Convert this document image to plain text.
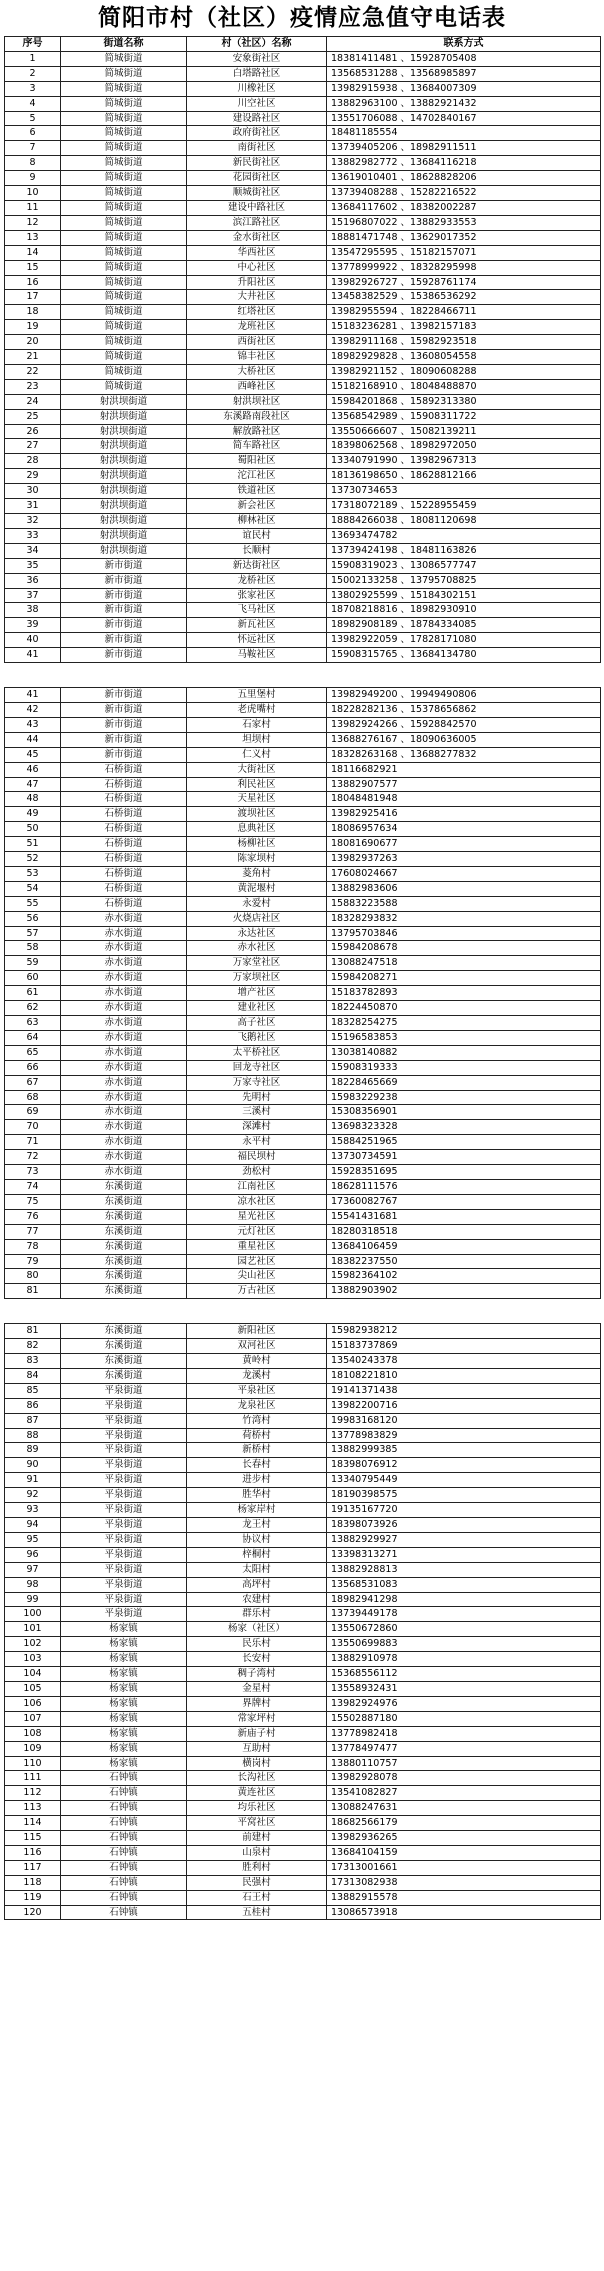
简阳市村（社区）疫情应急值守电话表
序号	街道名称	村（社区）名称	联系方式
1	简城街道	安象街社区	18381411481 、15928705408
2	简城街道	白塔路社区	13568531288 、13568985897
3	简城街道	川橡社区	13982915938 、13684007309
4	简城街道	川空社区	13882963100 、13882921432
5	简城街道	建设路社区	13551706088 、14702840167
6	简城街道	政府街社区	18481185554
7	简城街道	南街社区	13739405206 、18982911511
8	简城街道	新民街社区	13882982772 、13684116218
9	简城街道	花园街社区	13619010401 、18628828206
10	简城街道	顺城街社区	13739408288 、15282216522
11	简城街道	建设中路社区	13684117602 、18382002287
12	简城街道	滨江路社区	15196807022 、13882933553
13	简城街道	金水街社区	18881471748 、13629017352
14	简城街道	华西社区	13547295595 、15182157071
15	简城街道	中心社区	13778999922 、18328295998
16	简城街道	升阳社区	13982926727 、15928761174
17	简城街道	大井社区	13458382529 、15386536292
18	简城街道	红塔社区	13982955594 、18228466711
19	简城街道	龙班社区	15183236281 、13982157183
20	简城街道	西街社区	13982911168 、15982923518
21	简城街道	锦丰社区	18982929828 、13608054558
22	简城街道	大桥社区	13982921152 、18090608288
23	简城街道	西峰社区	15182168910 、18048488870
24	射洪坝街道	射洪坝社区	15984201868 、15892313380
25	射洪坝街道	东溪路南段社区	13568542989 、15908311722
26	射洪坝街道	解放路社区	13550666607 、15082139211
27	射洪坝街道	简车路社区	18398062568 、18982972050
28	射洪坝街道	蜀阳社区	13340791990 、13982967313
29	射洪坝街道	沱江社区	18136198650 、18628812166
30	射洪坝街道	铁道社区	13730734653
31	射洪坝街道	新会社区	17318072189 、15228955459
32	射洪坝街道	柳林社区	18884266038 、18081120698
33	射洪坝街道	谊民村	13693474782
34	射洪坝街道	长顺村	13739424198 、18481163826
35	新市街道	新达街社区	15908319023 、13086577747
36	新市街道	龙桥社区	15002133258 、13795708825
37	新市街道	张家社区	13802925599 、15184302151
38	新市街道	飞马社区	18708218816 、18982930910
39	新市街道	新瓦社区	18982908189 、18784334085
40	新市街道	怀远社区	13982922059 、17828171080
41	新市街道	马鞍社区	15908315765 、13684134780

41	新市街道	五里堡村	13982949200 、19949490806
42	新市街道	老虎嘴村	18228282136 、15378656862
43	新市街道	石家村	13982924266 、15928842570
44	新市街道	坦坝村	13688276167 、18090636005
45	新市街道	仁义村	18328263168 、13688277832
46	石桥街道	大街社区	18116682921
47	石桥街道	利民社区	13882907577
48	石桥街道	天星社区	18048481948
49	石桥街道	渡坝社区	13982925416
50	石桥街道	息典社区	18086957634
51	石桥街道	杨柳社区	18081690677
52	石桥街道	陈家坝村	13982937263
53	石桥街道	菱角村	17608024667
54	石桥街道	黄泥堰村	13882983606
55	石桥街道	永爱村	15883223588
56	赤水街道	火烧店社区	18328293832
57	赤水街道	永达社区	13795703846
58	赤水街道	赤水社区	15984208678
59	赤水街道	万家堂社区	13088247518
60	赤水街道	万家坝社区	15984208271
61	赤水街道	增产社区	15183782893
62	赤水街道	建业社区	18224450870
63	赤水街道	高子社区	18328254275
64	赤水街道	飞鹅社区	15196583853
65	赤水街道	太平桥社区	13038140882
66	赤水街道	回龙寺社区	15908319333
67	赤水街道	万家寺社区	18228465669
68	赤水街道	先明村	15983229238
69	赤水街道	三溪村	15308356901
70	赤水街道	深滩村	13698323328
71	赤水街道	永平村	15884251965
72	赤水街道	福民坝村	13730734591
73	赤水街道	劲松村	15928351695
74	东溪街道	江南社区	18628111576
75	东溪街道	凉水社区	17360082767
76	东溪街道	星光社区	15541431681
77	东溪街道	元灯社区	18280318518
78	东溪街道	重星社区	13684106459
79	东溪街道	园艺社区	18382237550
80	东溪街道	尖山社区	15982364102
81	东溪街道	万古社区	13882903902

81	东溪街道	新阳社区	15982938212
82	东溪街道	双河社区	15183737869
83	东溪街道	黄岭村	13540243378
84	东溪街道	龙溪村	18108221810
85	平泉街道	平泉社区	19141371438
86	平泉街道	龙泉社区	13982200716
87	平泉街道	竹湾村	19983168120
88	平泉街道	荷桥村	13778983829
89	平泉街道	新桥村	13882999385
90	平泉街道	长春村	18398076912
91	平泉街道	进步村	13340795449
92	平泉街道	胜华村	18190398575
93	平泉街道	杨家岸村	19135167720
94	平泉街道	龙王村	18398073926
95	平泉街道	协议村	13882929927
96	平泉街道	梓桐村	13398313271
97	平泉街道	太阳村	13882928813
98	平泉街道	高坪村	13568531083
99	平泉街道	农建村	18982941298
100	平泉街道	群乐村	13739449178
101	杨家镇	杨家（社区）	13550672860
102	杨家镇	民乐村	13550699883
103	杨家镇	长安村	13882910978
104	杨家镇	稠子湾村	15368556112
105	杨家镇	金星村	13558932431
106	杨家镇	界牌村	13982924976
107	杨家镇	常家坪村	15502887180
108	杨家镇	新庙子村	13778982418
109	杨家镇	互助村	13778497477
110	杨家镇	横岗村	13880110757
111	石钟镇	长沟社区	13982928078
112	石钟镇	黄连社区	13541082827
113	石钟镇	均乐社区	13088247631
114	石钟镇	平窝社区	18682566179
115	石钟镇	前建村	13982936265
116	石钟镇	山泉村	13684104159
117	石钟镇	胜利村	17313001661
118	石钟镇	民强村	17313082938
119	石钟镇	石王村	13882915578
120	石钟镇	五桂村	13086573918
